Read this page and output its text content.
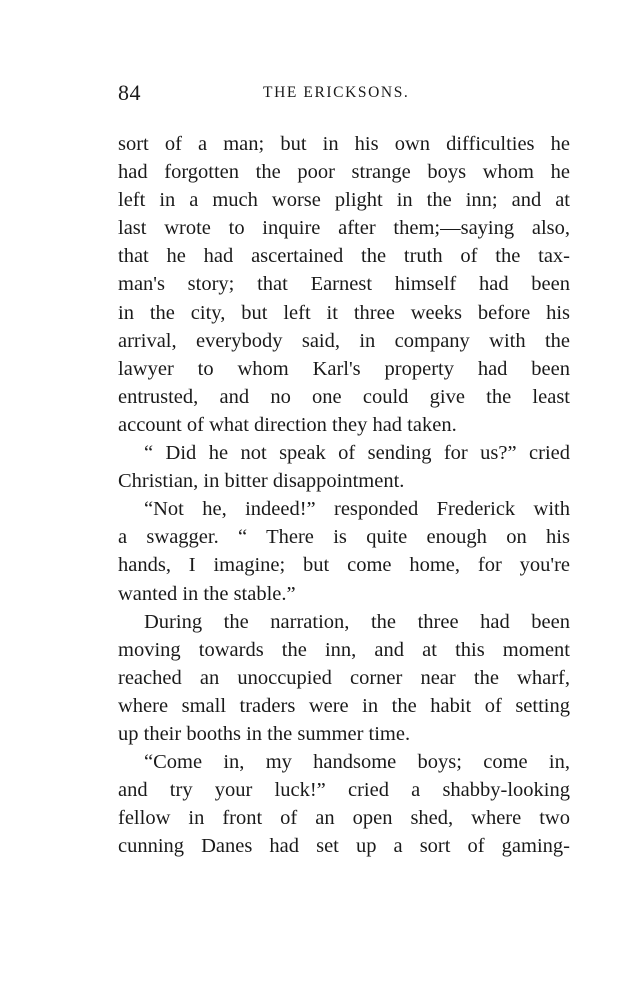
84	THE ERICKSONS.
sort of a man; but in his own difficulties he
had forgotten the poor strange boys whom he
left in a much worse plight in the inn; and at
last wrote to inquire after them;—saying also,
that he had ascertained the truth of the tax-
man's story; that Earnest himself had been
in the city, but left it three weeks before his
arrival, everybody said, in company with the
lawyer to whom Karl's property had been
entrusted, and no one could give the least
account of what direction they had taken.
“ Did he not speak of sending for us?” cried
Christian, in bitter disappointment.
“Not he, indeed!” responded Frederick with
a swagger. “ There is quite enough on his
hands, I imagine; but come home, for you're
wanted in the stable.”
During the narration, the three had been
moving towards the inn, and at this moment
reached an unoccupied corner near the wharf,
where small traders were in the habit of setting
up their booths in the summer time.
“Come in, my handsome boys; come in,
and try your luck!” cried a shabby-looking
fellow in front of an open shed, where two
cunning Danes had set up a sort of gaming-
